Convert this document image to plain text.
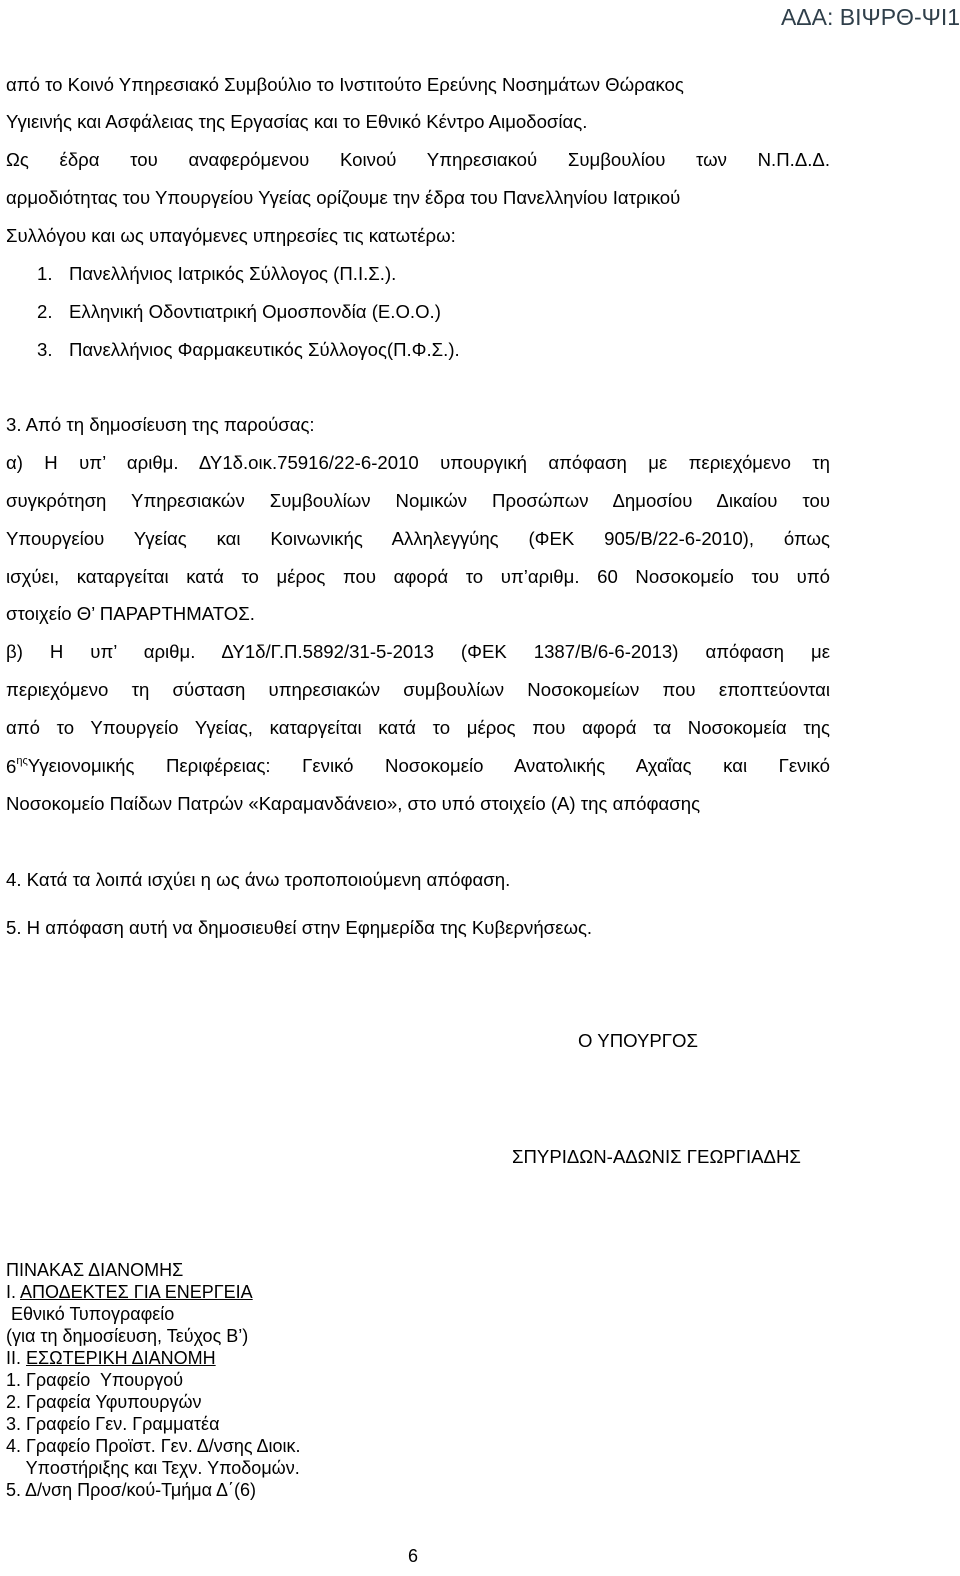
ΑΔΑ: ΒΙΨΡΘ-ΨΙ1
από το Κοινό Υπηρεσιακό Συμβούλιο το Ινστιτούτο Ερεύνης Νοσημάτων Θώρακος
Υγιεινής και Ασφάλειας της Εργασίας και το Εθνικό Κέντρο Αιμοδοσίας.
Ως έδρα του αναφερόμενου Κοινού Υπηρεσιακού Συμβουλίου των Ν.Π.Δ.Δ.
αρμοδιότητας του Υπουργείου Υγείας ορίζουμε την έδρα του Πανελληνίου Ιατρικού
Συλλόγου και ως υπαγόμενες υπηρεσίες τις κατωτέρω:
1. Πανελλήνιος Ιατρικός Σύλλογος (Π.Ι.Σ.).
2. Ελληνική Οδοντιατρική Ομοσπονδία (Ε.Ο.Ο.)
3. Πανελλήνιος Φαρμακευτικός Σύλλογος(Π.Φ.Σ.).
3. Από τη δημοσίευση της παρούσας:
α) Η υπ’ αριθμ. ΔΥ1δ.οικ.75916/22-6-2010 υπουργική απόφαση με περιεχόμενο τη
συγκρότηση Υπηρεσιακών Συμβουλίων Νομικών Προσώπων Δημοσίου Δικαίου του
Υπουργείου Υγείας και Κοινωνικής Αλληλεγγύης (ΦΕΚ 905/Β/22-6-2010), όπως
ισχύει, καταργείται κατά το μέρος που αφορά το υπ’αριθμ. 60 Νοσοκομείο του υπό
στοιχείο Θ’ ΠΑΡΑΡΤΗΜΑΤΟΣ.
β) Η υπ’ αριθμ. ΔΥ1δ/Γ.Π.5892/31-5-2013 (ΦΕΚ 1387/Β/6-6-2013) απόφαση με
περιεχόμενο τη σύσταση υπηρεσιακών συμβουλίων Νοσοκομείων που εποπτεύονται
από το Υπουργείο Υγείας, καταργείται κατά το μέρος που αφορά τα Νοσοκομεία της
$6^{\eta\varsigma}$ Υγειονομικής Περιφέρειας: Γενικό Νοσοκομείο Ανατολικής Αχαΐας και Γενικό
Νοσοκομείο Παίδων Πατρών «Καραμανδάνειο», στο υπό στοιχείο (Α) της απόφασης
4. Κατά τα λοιπά ισχύει η ως άνω τροποποιούμενη απόφαση.
5. Η απόφαση αυτή να δημοσιευθεί στην Εφημερίδα της Κυβερνήσεως.
Ο ΥΠΟΥΡΓΟΣ
ΣΠΥΡΙΔΩΝ-ΑΔΩΝΙΣ ΓΕΩΡΓΙΑΔΗΣ
ΠΙΝΑΚΑΣ ΔΙΑΝΟΜΗΣ
Ι. ΑΠΟΔΕΚΤΕΣ ΓΙΑ ΕΝΕΡΓΕΙΑ
Εθνικό Τυπογραφείο
(για τη δημοσίευση, Τεύχος Β’)
ΙΙ. ΕΣΩΤΕΡΙΚΗ ΔΙΑΝΟΜΗ
1. Γραφείο  Υπουργού
2. Γραφεία Υφυπουργών
3. Γραφείο Γεν. Γραμματέα
4. Γραφείο Προϊστ. Γεν. Δ/νσης Διοικ.
Υποστήριξης και Τεχν. Υποδομών.
5. Δ/νση Προσ/κού-Τμήμα Δ΄(6)
6
